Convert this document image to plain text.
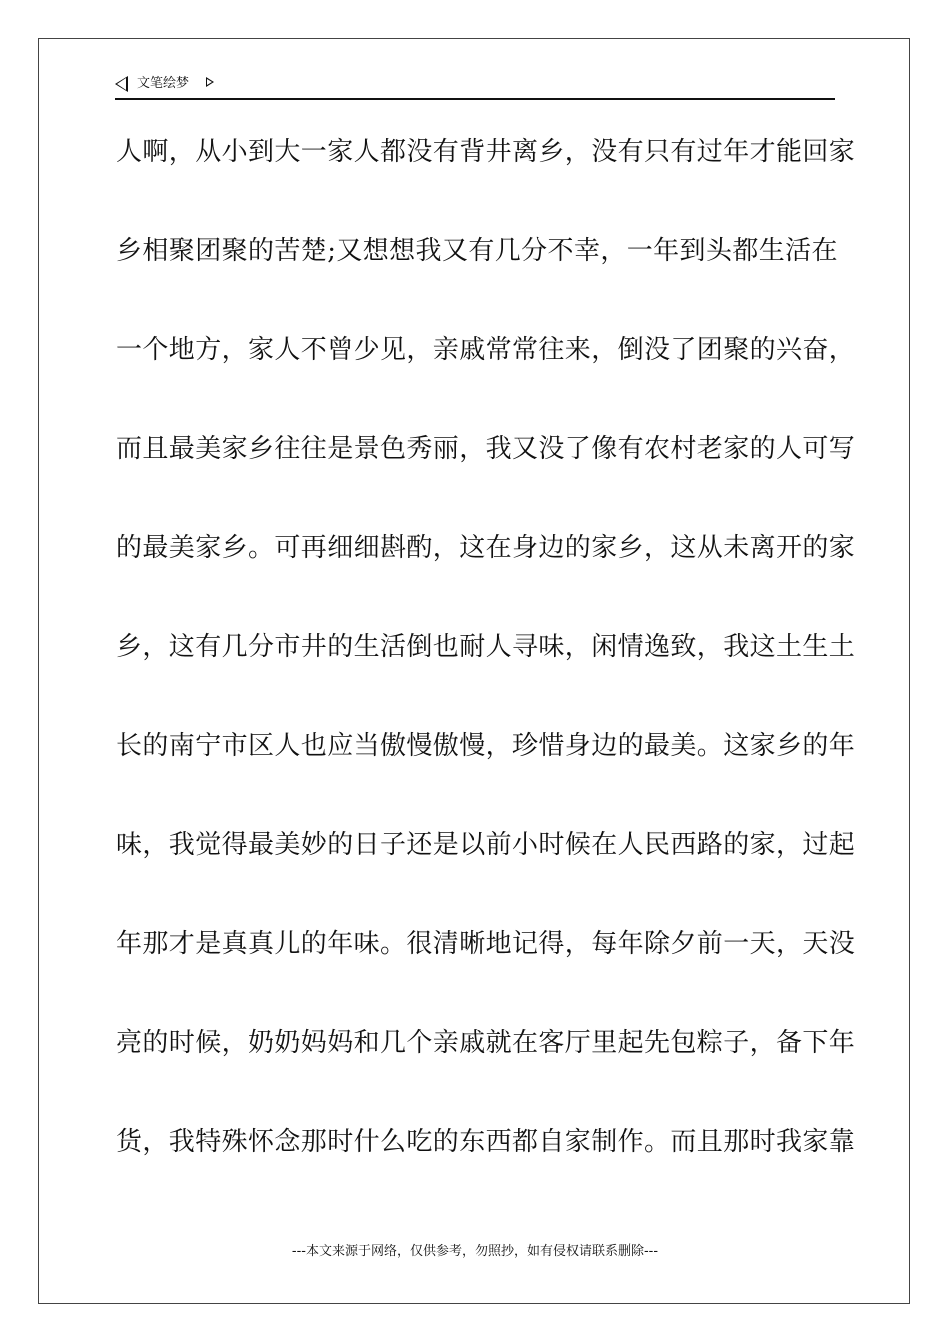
文笔绘梦
人啊，从小到大一家人都没有背井离乡，没有只有过年才能回家
乡相聚团聚的苦楚;又想想我又有几分不幸，一年到头都生活在
一个地方，家人不曾少见，亲戚常常往来，倒没了团聚的兴奋，
而且最美家乡往往是景色秀丽，我又没了像有农村老家的人可写
的最美家乡。可再细细斟酌，这在身边的家乡，这从未离开的家
乡，这有几分市井的生活倒也耐人寻味，闲情逸致，我这土生土
长的南宁市区人也应当傲慢傲慢，珍惜身边的最美。这家乡的年
味，我觉得最美妙的日子还是以前小时候在人民西路的家，过起
年那才是真真儿的年味。很清晰地记得，每年除夕前一天，天没
亮的时候，奶奶妈妈和几个亲戚就在客厅里起先包粽子，备下年
货，我特殊怀念那时什么吃的东西都自家制作。而且那时我家靠
---本文来源于网络，仅供参考，勿照抄，如有侵权请联系删除---
